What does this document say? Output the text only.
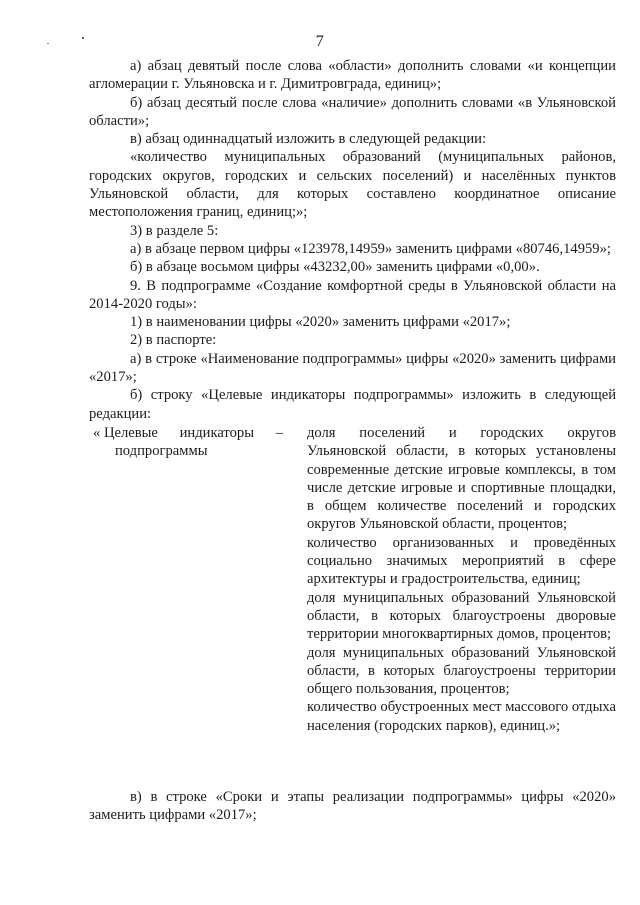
7

а) абзац девятый после слова «области» дополнить словами «и концепции агломерации г. Ульяновска и г. Димитровграда, единиц»;

б) абзац десятый после слова «наличие» дополнить словами «в Ульяновской области»;

в) абзац одиннадцатый изложить в следующей редакции:

«количество муниципальных образований (муниципальных районов, городских округов, городских и сельских поселений) и населённых пунктов Ульяновской области, для которых составлено координатное описание местоположения границ, единиц;»;

3) в разделе 5:

а) в абзаце первом цифры «123978,14959» заменить цифрами «80746,14959»;

б) в абзаце восьмом цифры «43232,00» заменить цифрами «0,00».

9. В подпрограмме «Создание комфортной среды в Ульяновской области на 2014-2020 годы»:

1) в наименовании цифры «2020» заменить цифрами «2017»;

2) в паспорте:

а) в строке «Наименование подпрограммы» цифры «2020» заменить цифрами «2017»;

б) строку «Целевые индикаторы подпрограммы» изложить в следующей редакции:

« Целевые индикаторы –
подпрограммы

доля поселений и городских округов Ульяновской области, в которых установлены современные детские игровые комплексы, в том числе детские игровые и спортивные площадки, в общем количестве поселений и городских округов Ульяновской области, процентов;

количество организованных и проведённых социально значимых мероприятий в сфере архитектуры и градостроительства, единиц;

доля муниципальных образований Ульяновской области, в которых благоустроены дворовые территории многоквартирных домов, процентов;

доля муниципальных образований Ульяновской области, в которых благоустроены территории общего пользования, процентов;

количество обустроенных мест массового отдыха населения (городских парков), единиц.»;

в) в строке «Сроки и этапы реализации подпрограммы» цифры «2020» заменить цифрами «2017»;
